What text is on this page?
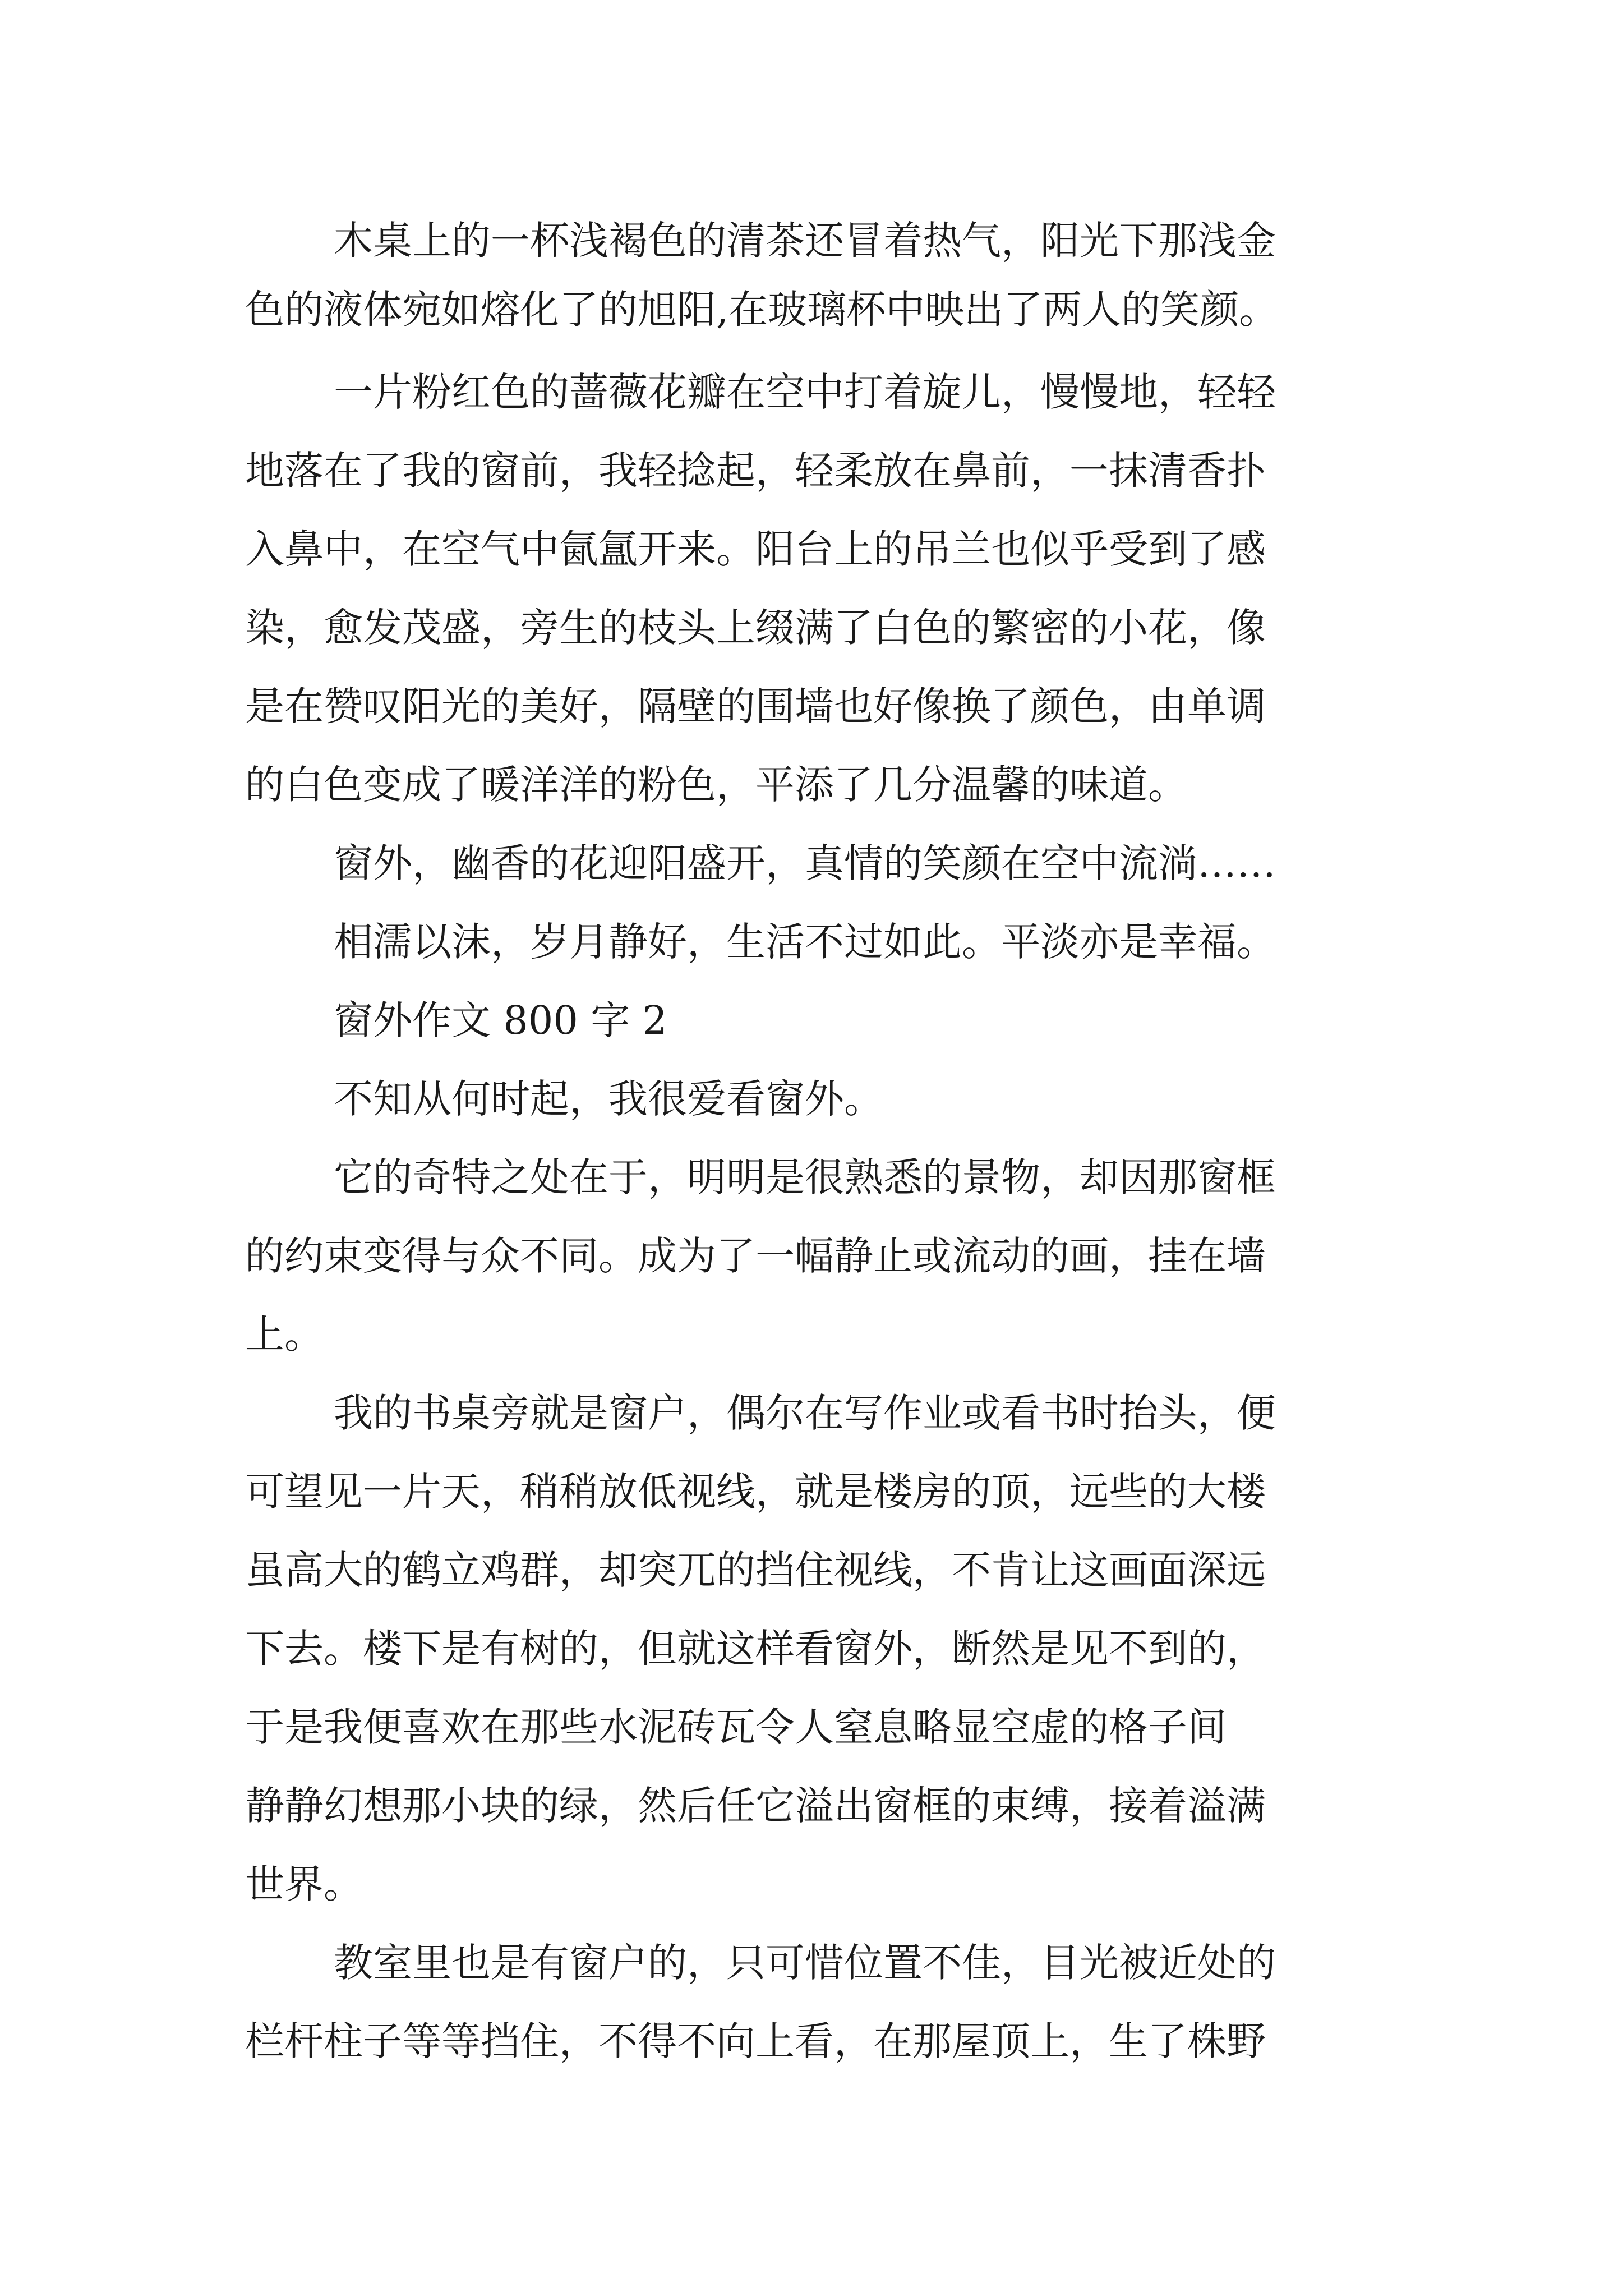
木桌上的一杯浅褐色的清茶还冒着热气，阳光下那浅金

色的液体宛如熔化了的旭阳,在玻璃杯中映出了两人的笑颜。

一片粉红色的蔷薇花瓣在空中打着旋儿，慢慢地，轻轻

地落在了我的窗前，我轻捻起，轻柔放在鼻前，一抹清香扑

入鼻中，在空气中氤氲开来。阳台上的吊兰也似乎受到了感

染，愈发茂盛，旁生的枝头上缀满了白色的繁密的小花，像

是在赞叹阳光的美好，隔壁的围墙也好像换了颜色，由单调

的白色变成了暖洋洋的粉色，平添了几分温馨的味道。

窗外，幽香的花迎阳盛开，真情的笑颜在空中流淌……

相濡以沫，岁月静好，生活不过如此。平淡亦是幸福。

窗外作文 800 字 2

不知从何时起，我很爱看窗外。

它的奇特之处在于，明明是很熟悉的景物，却因那窗框

的约束变得与众不同。成为了一幅静止或流动的画，挂在墙

上。

我的书桌旁就是窗户，偶尔在写作业或看书时抬头，便

可望见一片天，稍稍放低视线，就是楼房的顶，远些的大楼

虽高大的鹤立鸡群，却突兀的挡住视线，不肯让这画面深远

下去。楼下是有树的，但就这样看窗外，断然是见不到的，

于是我便喜欢在那些水泥砖瓦令人窒息略显空虚的格子间

静静幻想那小块的绿，然后任它溢出窗框的束缚，接着溢满

世界。

教室里也是有窗户的，只可惜位置不佳，目光被近处的

栏杆柱子等等挡住，不得不向上看，在那屋顶上，生了株野
